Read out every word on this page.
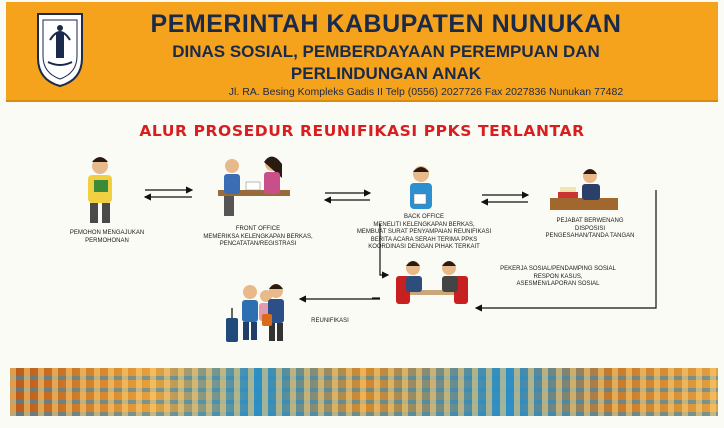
PEMERINTAH KABUPATEN NUNUKAN
DINAS SOSIAL, PEMBERDAYAAN PEREMPUAN DAN
PERLINDUNGAN ANAK
Jl. RA. Besing Kompleks Gadis II Telp (0556) 2027726 Fax 2027836 Nunukan 77482
ALUR PROSEDUR REUNIFIKASI PPKS TERLANTAR
PEMOHON MENGAJUKAN
PERMOHONAN
FRONT OFFICE
MEMERIKSA KELENGKAPAN BERKAS,
PENCATATAN/REGISTRASI
BACK OFFICE
MENELITI KELENGKAPAN BERKAS,
MEMBUAT SURAT PENYAMPAIAN REUNIFIKASI
BERITA ACARA SERAH TERIMA PPKS
KOORDINASI DENGAN PIHAK TERKAIT
PEJABAT BERWENANG
DISPOSISI
PENGESAHAN/TANDA TANGAN
PEKERJA SOSIAL/PENDAMPING SOSIAL
RESPON KASUS,
ASESMEN/LAPORAN SOSIAL
REUNIFIKASI
